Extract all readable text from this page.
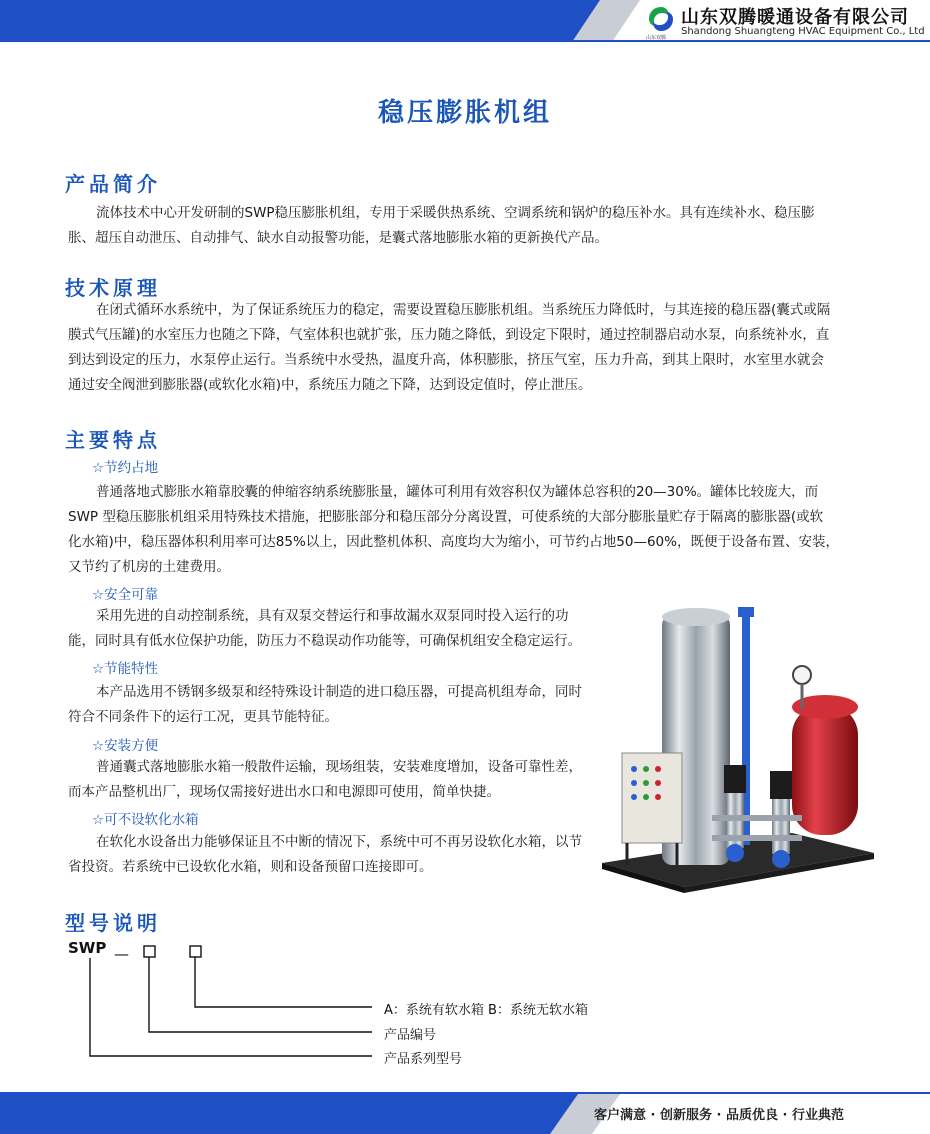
山东双腾暖通设备有限公司
Shandong Shuangteng HVAC Equipment Co., Ltd
山东双腾
稳压膨胀机组
产品简介
流体技术中心开发研制的SWP稳压膨胀机组，专用于采暖供热系统、空调系统和锅炉的稳压补水。具有连续补水、稳压膨
胀、超压自动泄压、自动排气、缺水自动报警功能，是囊式落地膨胀水箱的更新换代产品。
技术原理
在闭式循环水系统中，为了保证系统压力的稳定，需要设置稳压膨胀机组。当系统压力降低时，与其连接的稳压器(囊式或隔
膜式气压罐)的水室压力也随之下降，气室体积也就扩张，压力随之降低，到设定下限时，通过控制器启动水泵，向系统补水，直
到达到设定的压力，水泵停止运行。当系统中水受热，温度升高，体积膨胀，挤压气室，压力升高，到其上限时，水室里水就会
通过安全阀泄到膨胀器(或软化水箱)中，系统压力随之下降，达到设定值时，停止泄压。
主要特点
☆节约占地
普通落地式膨胀水箱靠胶囊的伸缩容纳系统膨胀量，罐体可利用有效容积仅为罐体总容积的20—30%。罐体比较庞大，而
SWP 型稳压膨胀机组采用特殊技术措施，把膨胀部分和稳压部分分离设置，可使系统的大部分膨胀量贮存于隔离的膨胀器(或软
化水箱)中，稳压器体积利用率可达85%以上，因此整机体积、高度均大为缩小，可节约占地50—60%，既便于设备布置、安装，
又节约了机房的土建费用。
☆安全可靠
采用先进的自动控制系统，具有双泵交替运行和事故漏水双泵同时投入运行的功
能，同时具有低水位保护功能，防压力不稳误动作功能等，可确保机组安全稳定运行。
☆节能特性
本产品选用不锈钢多级泵和经特殊设计制造的进口稳压器，可提高机组寿命，同时
符合不同条件下的运行工况，更具节能特征。
☆安装方便
普通囊式落地膨胀水箱一般散件运输，现场组装，安装难度增加，设备可靠性差，
而本产品整机出厂，现场仅需接好进出水口和电源即可使用，简单快捷。
☆可不设软化水箱
在软化水设备出力能够保证且不中断的情况下，系统中可不再另设软化水箱，以节
省投资。若系统中已设软化水箱，则和设备预留口连接即可。
型号说明
SWP —
A：系统有软水箱 B：系统无软水箱
产品编号
产品系列型号
客户满意 · 创新服务 · 品质优良 · 行业典范
